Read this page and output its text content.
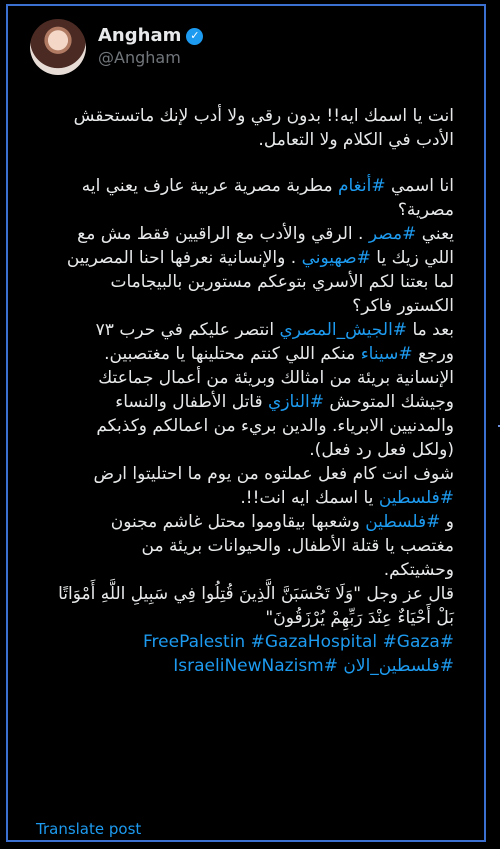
Angham ✓
@Angham
انت يا اسمك ايه!! بدون رقي ولا أدب لإنك ماتستحقش
الأدب في الكلام ولا التعامل.
انا اسمي #أنغام مطربة مصرية عربية عارف يعني ايه
مصرية؟
يعني #مصر . الرقي والأدب مع الراقيين فقط مش مع
اللي زيك يا #صهيوني . والإنسانية نعرفها احنا المصريين
لما بعتنا لكم الأسري بتوعكم مستورين بالبيجامات
الكستور فاكر؟
بعد ما #الجيش_المصري انتصر عليكم في حرب ٧٣
ورجع #سيناء منكم اللي كنتم محتلينها يا مغتصبين.
الإنسانية بريئة من امثالك وبريئة من أعمال جماعتك
وجيشك المتوحش #النازي قاتل الأطفال والنساء
والمدنيين الابرياء. والدين بريء من اعمالكم وكذبكم
(ولكل فعل رد فعل).
شوف انت كام فعل عملتوه من يوم ما احتليتوا ارض
#فلسطين يا اسمك ايه انت!!.
و #فلسطين وشعبها بيقاوموا محتل غاشم مجنون
مغتصب يا قتلة الأطفال. والحيوانات بريئة من
وحشيتكم.
قال عز وجل "وَلَا تَحْسَبَنَّ الَّذِينَ قُتِلُوا فِي سَبِيلِ اللَّهِ أَمْوَاتًا
بَلْ أَحْيَاءٌ عِنْدَ رَبِّهِمْ يُرْزَقُونَ"
#FreePalestin #GazaHospital #Gaza
#فلسطين_الان #IsraeliNewNazism
Translate post
